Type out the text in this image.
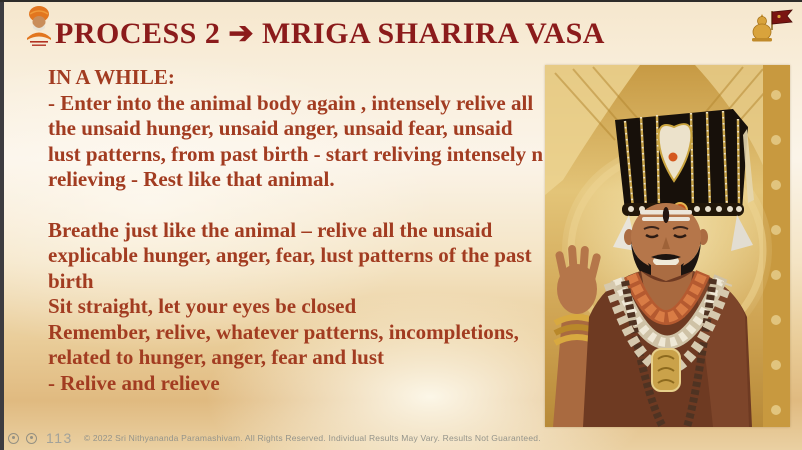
PROCESS 2 ➔ MRIGA SHARIRA VASA

IN A WHILE:

- Enter into the animal body again , intensely relive all the unsaid hunger, unsaid anger, unsaid fear, unsaid lust patterns, from past birth - start reliving intensely n relieving - Rest like that animal.

Breathe just like the animal – relive all the unsaid explicable hunger, anger, fear, lust patterns of the past birth

Sit straight, let your eyes be closed

Remember, relive, whatever patterns, incompletions, related to hunger, anger, fear and lust

- Relive and relieve

113 © 2022 Sri Nithyananda Paramashivam. All Rights Reserved. Individual Results May Vary. Results Not Guaranteed.
